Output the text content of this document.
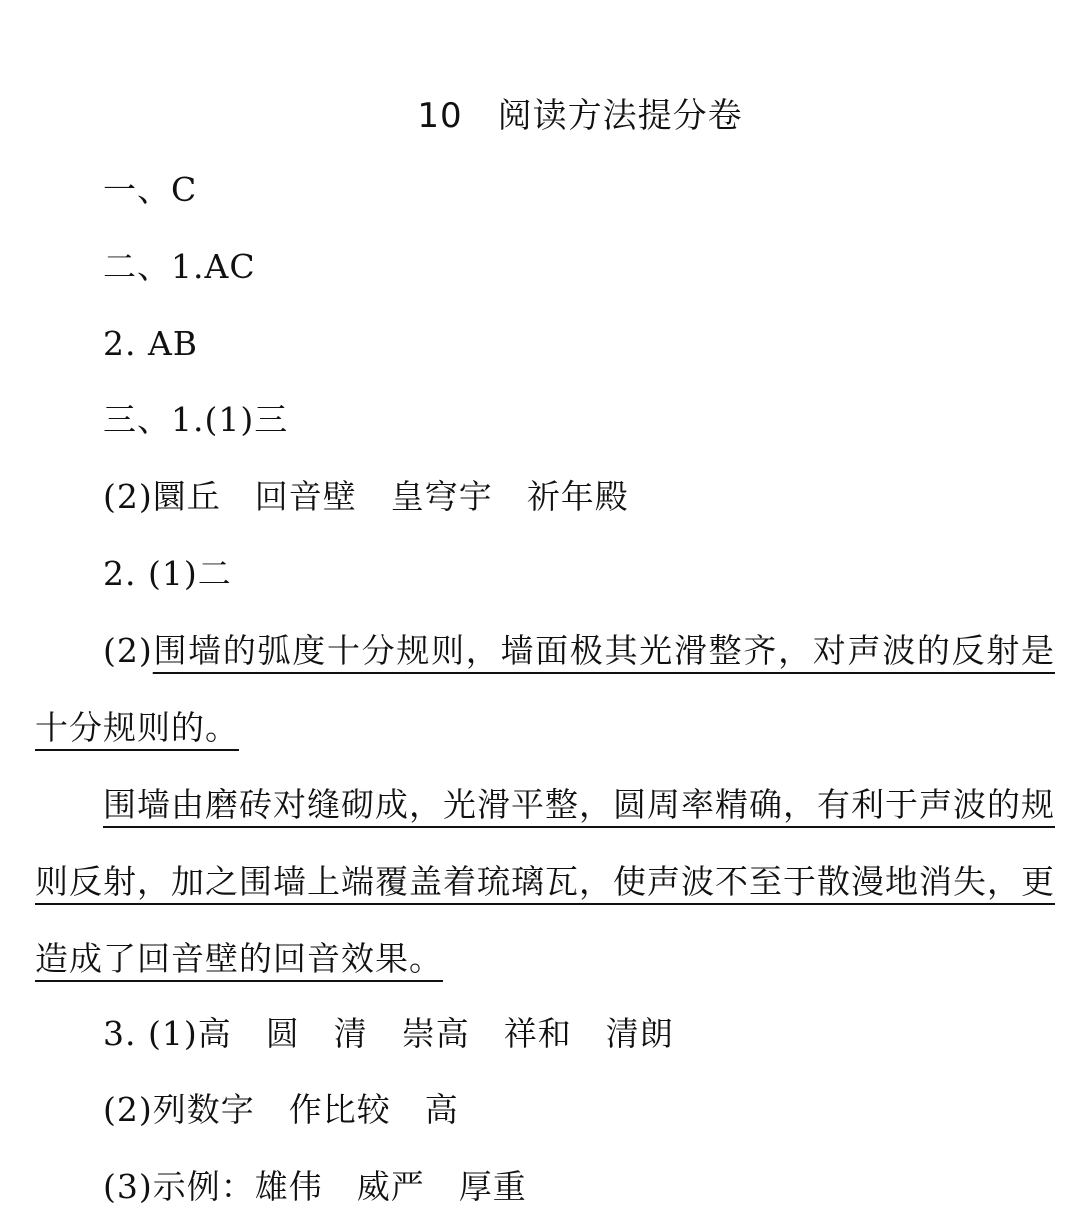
10　阅读方法提分卷
一、C
二、1.AC
2. AB
三、1.(1)三
(2)圜丘　回音壁　皇穹宇　祈年殿
2. (1)二
(2)围墙的弧度十分规则，墙面极其光滑整齐，对声波的反射是十分规则的。
围墙由磨砖对缝砌成，光滑平整，圆周率精确，有利于声波的规则反射，加之围墙上端覆盖着琉璃瓦，使声波不至于散漫地消失，更造成了回音壁的回音效果。
3. (1)高　圆　清　崇高　祥和　清朗
(2)列数字　作比较　高
(3)示例：雄伟　威严　厚重
